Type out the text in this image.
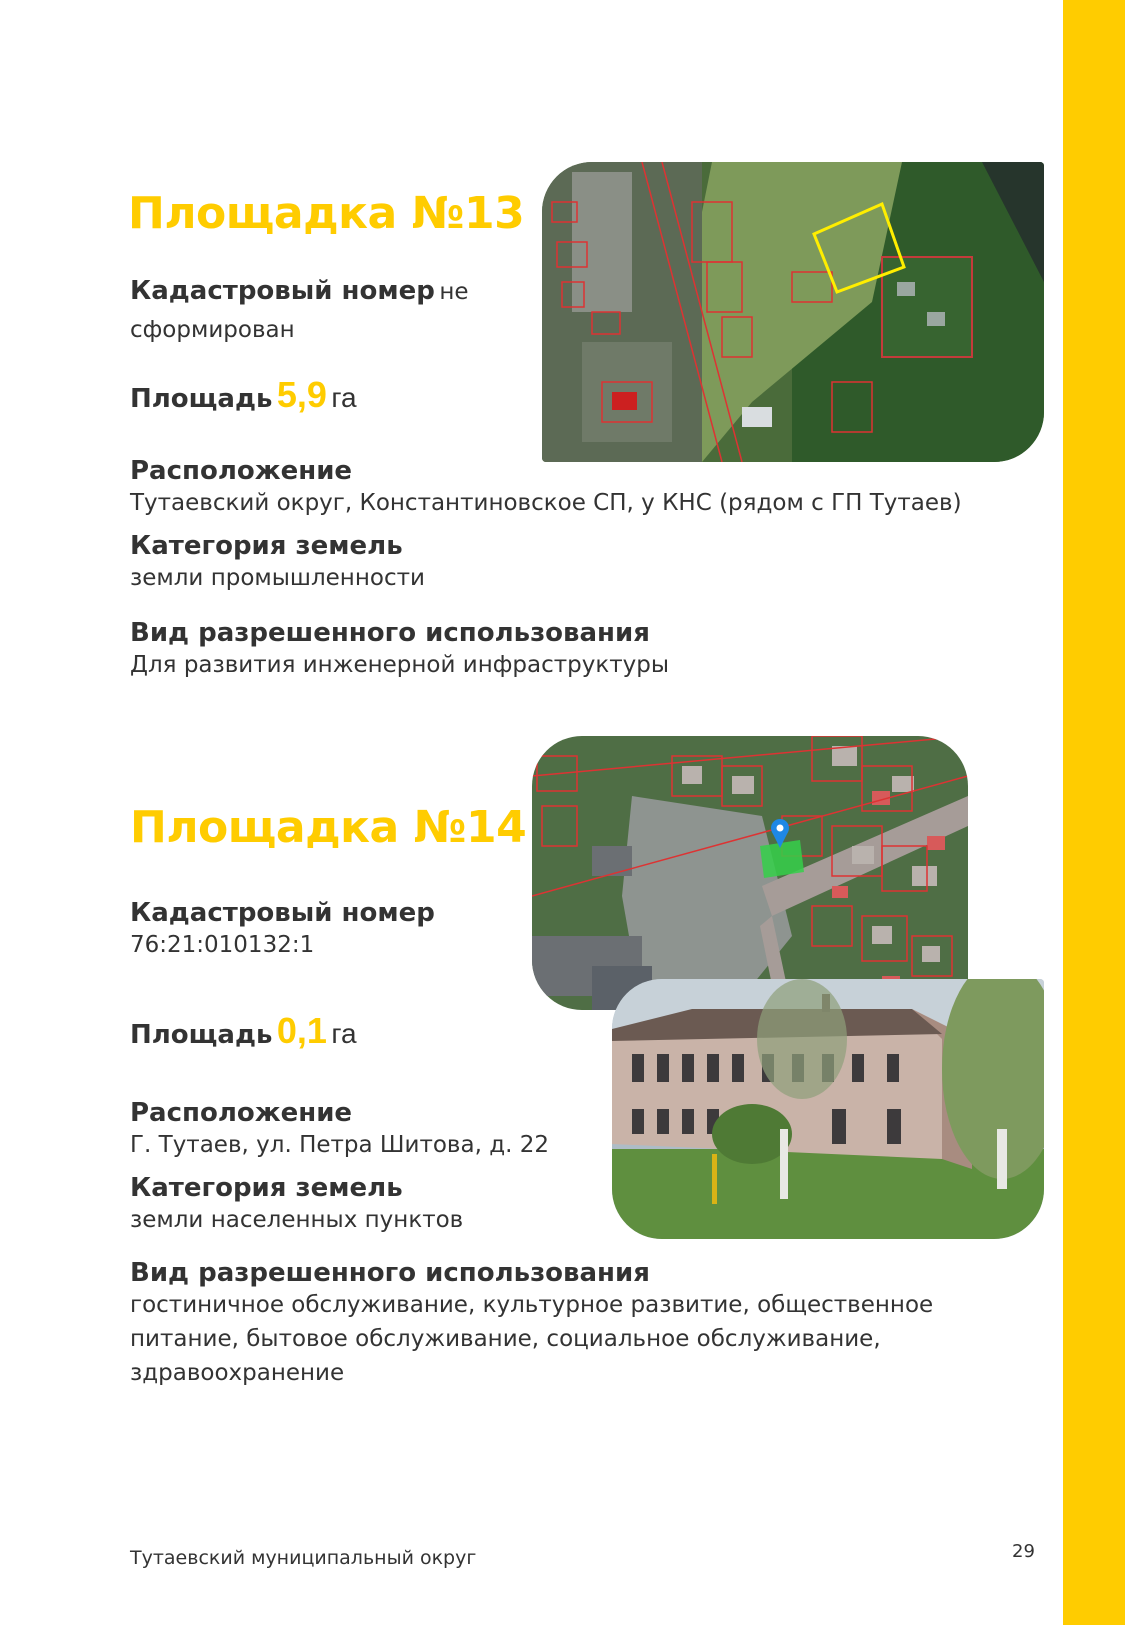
Площадка №13
Кадастровый номер не
сформирован
Площадь 5,9 га
Расположение
Тутаевский округ, Константиновское СП, у КНС (рядом с ГП Тутаев)
Категория земель
земли промышленности
Вид разрешенного использования
Для развития инженерной инфраструктуры
Площадка №14
Кадастровый номер
76:21:010132:1
Площадь 0,1 га
Расположение
Г. Тутаев, ул. Петра Шитова, д. 22
Категория земель
земли населенных пунктов
Вид разрешенного использования
гостиничное обслуживание, культурное развитие, общественное
питание, бытовое обслуживание, социальное обслуживание,
здравоохранение
Тутаевский муниципальный округ	29
